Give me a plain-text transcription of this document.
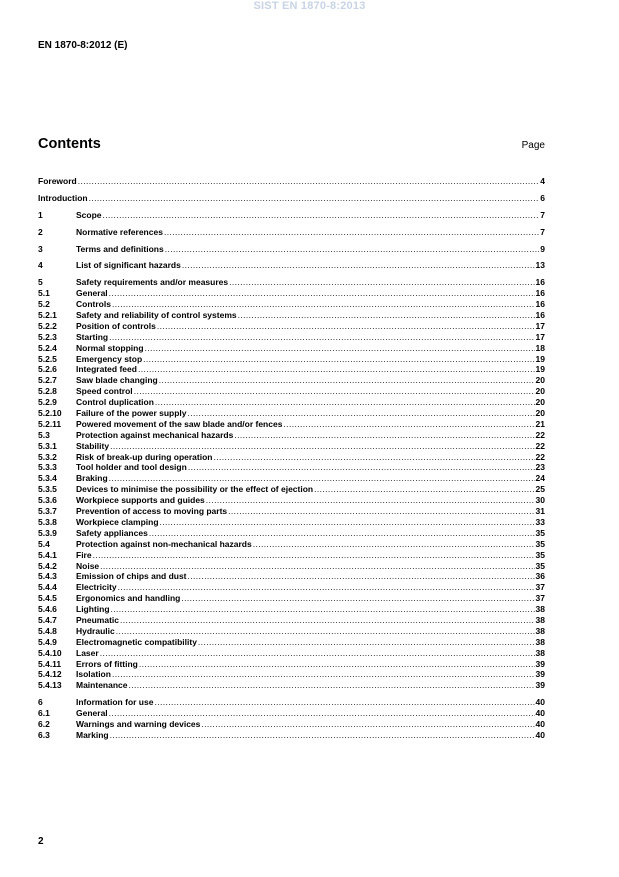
SIST EN 1870-8:2013
EN 1870-8:2012 (E)
Contents	Page
Foreword .....	4
Introduction .....	6
1	Scope .....	7
2	Normative references .....	7
3	Terms and definitions .....	9
4	List of significant hazards .....	13
5	Safety requirements and/or measures .....	16
5.1	General .....	16
5.2	Controls .....	16
5.2.1	Safety and reliability of control systems .....	16
5.2.2	Position of controls .....	17
5.2.3	Starting .....	17
5.2.4	Normal stopping .....	18
5.2.5	Emergency stop .....	19
5.2.6	Integrated feed .....	19
5.2.7	Saw blade changing .....	20
5.2.8	Speed control .....	20
5.2.9	Control duplication .....	20
5.2.10	Failure of the power supply .....	20
5.2.11	Powered movement of the saw blade and/or fences .....	21
5.3	Protection against mechanical hazards .....	22
5.3.1	Stability .....	22
5.3.2	Risk of break-up during operation .....	22
5.3.3	Tool holder and tool design .....	23
5.3.4	Braking .....	24
5.3.5	Devices to minimise the possibility or the effect of ejection .....	25
5.3.6	Workpiece supports and guides .....	30
5.3.7	Prevention of access to moving parts .....	31
5.3.8	Workpiece clamping .....	33
5.3.9	Safety appliances .....	35
5.4	Protection against non-mechanical hazards .....	35
5.4.1	Fire .....	35
5.4.2	Noise .....	35
5.4.3	Emission of chips and dust .....	36
5.4.4	Electricity .....	37
5.4.5	Ergonomics and handling .....	37
5.4.6	Lighting .....	38
5.4.7	Pneumatic .....	38
5.4.8	Hydraulic .....	38
5.4.9	Electromagnetic compatibility .....	38
5.4.10	Laser .....	38
5.4.11	Errors of fitting .....	39
5.4.12	Isolation .....	39
5.4.13	Maintenance .....	39
6	Information for use .....	40
6.1	General .....	40
6.2	Warnings and warning devices .....	40
6.3	Marking .....	40
2
